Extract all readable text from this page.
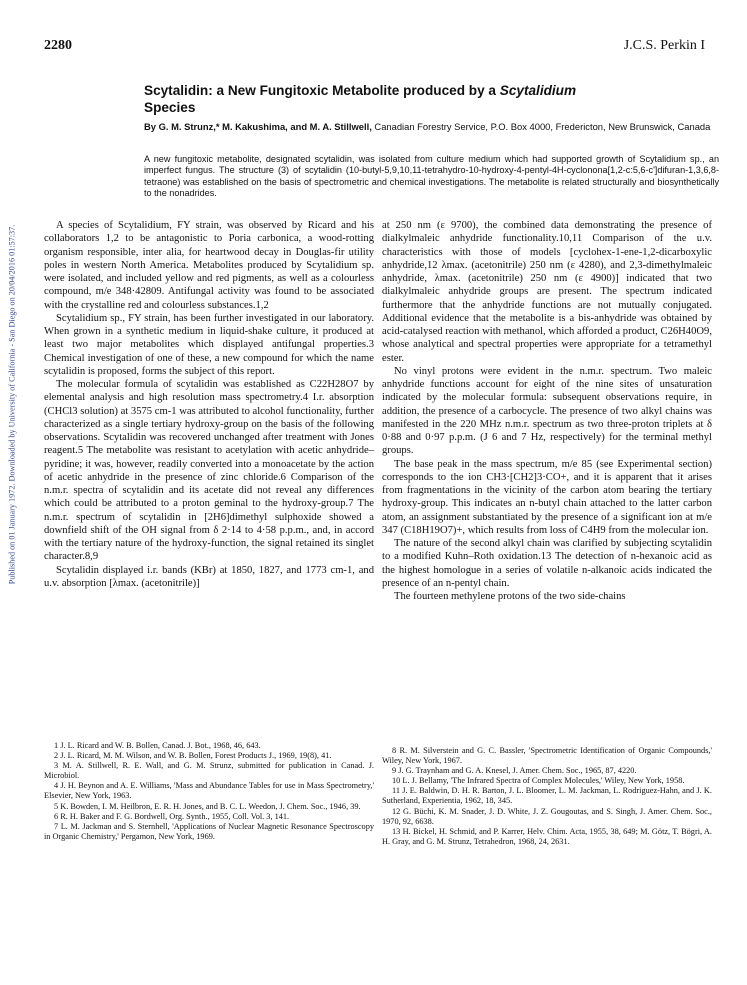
Published on 01 January 1972. Downloaded by University of California - San Diego on 20/04/2016 01:57:37.
2280	J.C.S. Perkin I
Scytalidin: a New Fungitoxic Metabolite produced by a Scytalidium
Species
By G. M. Strunz,* M. Kakushima, and M. A. Stillwell, Canadian Forestry Service, P.O. Box 4000, Fredericton, New Brunswick, Canada
A new fungitoxic metabolite, designated scytalidin, was isolated from culture medium which had supported growth of Scytalidium sp., an imperfect fungus. The structure (3) of scytalidin (10-butyl-5,9,10,11-tetrahydro-10-hydroxy-4-pentyl-4H-cyclonona[1,2-c:5,6-c']difuran-1,3,6,8-tetraone) was established on the basis of spectrometric and chemical investigations. The metabolite is related structurally and biosynthetically to the nonadrides.

A species of Scytalidium, FY strain, was observed by Ricard and his collaborators 1,2 to be antagonistic to Poria carbonica, a wood-rotting organism responsible, inter alia, for heartwood decay in Douglas-fir utility poles in western North America. Metabolites produced by Scytalidium sp. were isolated, and included yellow and red pigments, as well as a colourless compound, m/e 348·42809. Antifungal activity was found to be associated with the crystalline red and colourless substances.1,2

Scytalidium sp., FY strain, has been further investigated in our laboratory. When grown in a synthetic medium in liquid-shake culture, it produced at least two major metabolites which displayed antifungal properties.3 Chemical investigation of one of these, a new compound for which the name scytalidin is proposed, forms the subject of this report.

The molecular formula of scytalidin was established as C22H28O7 by elemental analysis and high resolution mass spectrometry.4 I.r. absorption (CHCl3 solution) at 3575 cm-1 was attributed to alcohol functionality, further characterized as a single tertiary hydroxy-group on the basis of the following observations. Scytalidin was recovered unchanged after treatment with Jones reagent.5 The metabolite was resistant to acetylation with acetic anhydride–pyridine; it was, however, readily converted into a monoacetate by the action of acetic anhydride in the presence of zinc chloride.6 Comparison of the n.m.r. spectra of scytalidin and its acetate did not reveal any differences which could be attributed to a proton geminal to the hydroxy-group.7 The n.m.r. spectrum of scytalidin in [2H6]dimethyl sulphoxide showed a downfield shift of the OH signal from δ 2·14 to 4·58 p.p.m., and, in accord with the tertiary nature of the hydroxy-function, the signal retained its singlet character.8,9

Scytalidin displayed i.r. bands (KBr) at 1850, 1827, and 1773 cm-1, and u.v. absorption [λmax. (acetonitrile)]

at 250 nm (ε 9700), the combined data demonstrating the presence of dialkylmaleic anhydride functionality.10,11 Comparison of the u.v. characteristics with those of models [cyclohex-1-ene-1,2-dicarboxylic anhydride,12 λmax. (acetonitrile) 250 nm (ε 4280), and 2,3-dimethylmaleic anhydride, λmax. (acetonitrile) 250 nm (ε 4900)] indicated that two dialkylmaleic anhydride groups are present. The spectrum indicated furthermore that the anhydride functions are not mutually conjugated. Additional evidence that the metabolite is a bis-anhydride was obtained by acid-catalysed reaction with methanol, which afforded a product, C26H40O9, whose analytical and spectral properties were appropriate for a tetramethyl ester.

No vinyl protons were evident in the n.m.r. spectrum. Two maleic anhydride functions account for eight of the nine sites of unsaturation indicated by the molecular formula: subsequent observations require, in addition, the presence of a carbocycle. The presence of two alkyl chains was manifested in the 220 MHz n.m.r. spectrum as two three-proton triplets at δ 0·88 and 0·97 p.p.m. (J 6 and 7 Hz, respectively) for the terminal methyl groups.

The base peak in the mass spectrum, m/e 85 (see Experimental section) corresponds to the ion CH3·[CH2]3·CO+, and it is apparent that it arises from fragmentations in the vicinity of the carbon atom bearing the tertiary hydroxy-group. This indicates an n-butyl chain attached to the latter carbon atom, an assignment substantiated by the presence of a significant ion at m/e 347 (C18H19O7)+, which results from loss of C4H9 from the molecular ion.

The nature of the second alkyl chain was clarified by subjecting scytalidin to a modified Kuhn–Roth oxidation.13 The detection of n-hexanoic acid as the highest homologue in a series of volatile n-alkanoic acids indicated the presence of an n-pentyl chain.

The fourteen methylene protons of the two side-chains

1 J. L. Ricard and W. B. Bollen, Canad. J. Bot., 1968, 46, 643.

2 J. L. Ricard, M. M. Wilson, and W. B. Bollen, Forest Products J., 1969, 19(8), 41.

3 M. A. Stillwell, R. E. Wall, and G. M. Strunz, submitted for publication in Canad. J. Microbiol.

4 J. H. Beynon and A. E. Williams, 'Mass and Abundance Tables for use in Mass Spectrometry,' Elsevier, New York, 1963.

5 K. Bowden, I. M. Heilbron, E. R. H. Jones, and B. C. L. Weedon, J. Chem. Soc., 1946, 39.

6 R. H. Baker and F. G. Bordwell, Org. Synth., 1955, Coll. Vol. 3, 141.

7 L. M. Jackman and S. Sternhell, 'Applications of Nuclear Magnetic Resonance Spectroscopy in Organic Chemistry,' Pergamon, New York, 1969.

8 R. M. Silverstein and G. C. Bassler, 'Spectrometric Identification of Organic Compounds,' Wiley, New York, 1967.

9 J. G. Traynham and G. A. Knesel, J. Amer. Chem. Soc., 1965, 87, 4220.

10 L. J. Bellamy, 'The Infrared Spectra of Complex Molecules,' Wiley, New York, 1958.

11 J. E. Baldwin, D. H. R. Barton, J. L. Bloomer, L. M. Jackman, L. Rodriguez-Hahn, and J. K. Sutherland, Experientia, 1962, 18, 345.

12 G. Büchi, K. M. Snader, J. D. White, J. Z. Gougoutas, and S. Singh, J. Amer. Chem. Soc., 1970, 92, 6638.

13 H. Bickel, H. Schmid, and P. Karrer, Helv. Chim. Acta, 1955, 38, 649; M. Götz, T. Bögri, A. H. Gray, and G. M. Strunz, Tetrahedron, 1968, 24, 2631.
